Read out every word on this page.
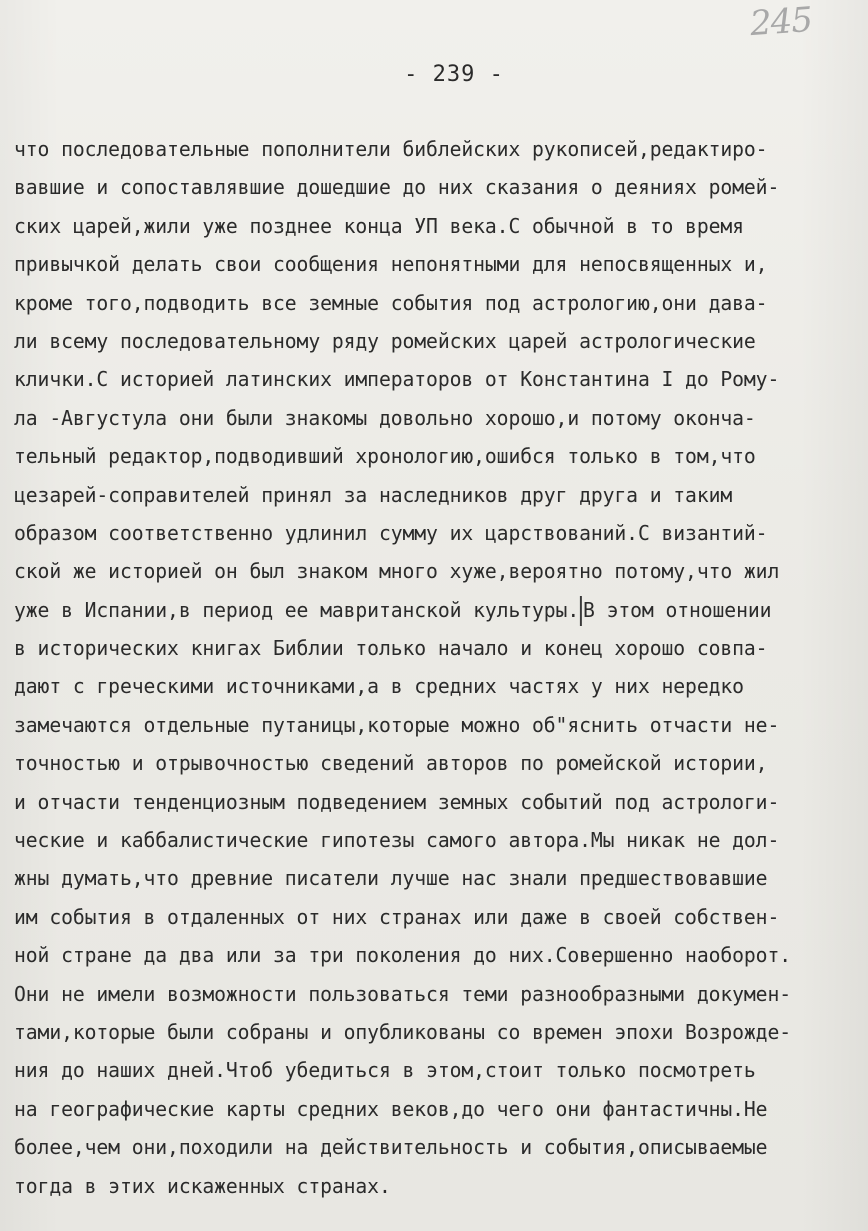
245
- 239 -
что последовательные пополнители библейских рукописей,редактиро-
вавшие и сопоставлявшие дошедшие до них сказания о деяниях ромей-
ских царей,жили уже позднее конца УП века.С обычной в то время
привычкой делать свои сообщения непонятными для непосвященных и,
кроме того,подводить все земные события под астрологию,они дава-
ли всему последовательному ряду ромейских царей астрологические
клички.С историей латинских императоров от Константина I до Рому-
ла -Августула они были знакомы довольно хорошо,и потому оконча-
тельный редактор,подводивший хронологию,ошибся только в том,что
цезарей-соправителей принял за наследников друг друга и таким
образом соответственно удлинил сумму их царствований.С византий-
ской же историей он был знаком много хуже,вероятно потому,что жил
уже в Испании,в период ее мавританской культуры. В этом отношении
в исторических книгах Библии только начало и конец хорошо совпа-
дают с греческими источниками,а в средних частях у них нередко
замечаются отдельные путаницы,которые можно об"яснить отчасти не-
точностью и отрывочностью сведений авторов по ромейской истории,
и отчасти тенденциозным подведением земных событий под астрологи-
ческие и каббалистические гипотезы самого автора.Мы никак не дол-
жны думать,что древние писатели лучше нас знали предшествовавшие
им события в отдаленных от них странах или даже в своей собствен-
ной стране да два или за три поколения до них.Совершенно наоборот.
Они не имели возможности пользоваться теми разнообразными докумен-
тами,которые были собраны и опубликованы со времен эпохи Возрожде-
ния до наших дней.Чтоб убедиться в этом,стоит только посмотреть
на географические карты средних веков,до чего они фантастичны.Не
более,чем они,походили на действительность и события,описываемые
тогда в этих искаженных странах.
